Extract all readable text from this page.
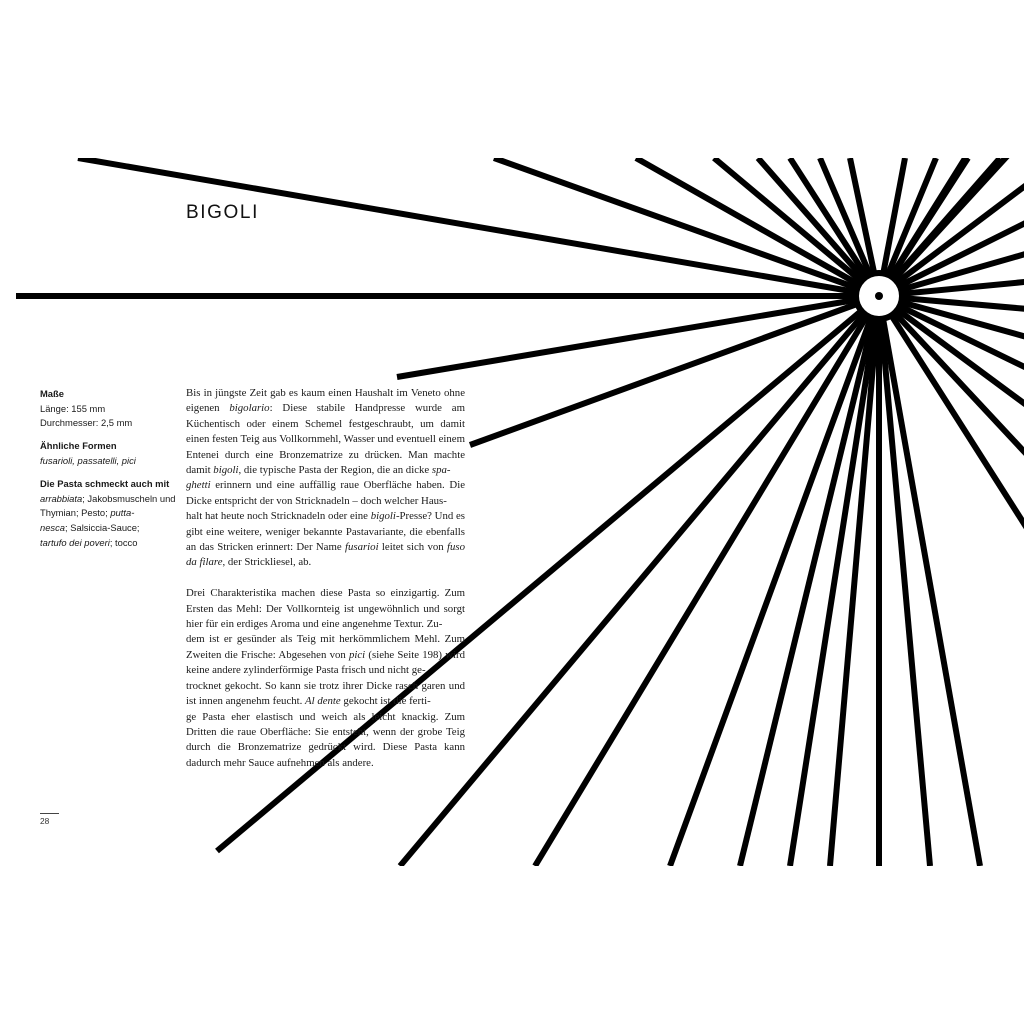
BIGOLI
Maße
Länge: 155 mm
Durchmesser: 2,5 mm
Ähnliche Formen
fusarioli, passatelli, pici
Die Pasta schmeckt auch mit
arrabbiata; Jakobsmuscheln und Thymian; Pesto; putta-
nesca; Salsiccia-Sauce;
tartufo dei poveri; tocco

Bis in jüngste Zeit gab es kaum einen Haushalt im Veneto ohne eigenen bigolario: Diese stabile Handpresse wurde am Küchentisch oder einem Schemel festgeschraubt, um damit einen festen Teig aus Vollkornmehl, Wasser und eventuell einem Entenei durch eine Bronzematrize zu drücken. Man machte damit bigoli, die typische Pasta der Region, die an dicke spa-
ghetti erinnern und eine auffällig raue Oberfläche haben. Die Dicke entspricht der von Stricknadeln – doch welcher Haus-
halt hat heute noch Stricknadeln oder eine bigoli-Presse? Und es gibt eine weitere, weniger bekannte Pastavariante, die ebenfalls an das Stricken erinnert: Der Name fusarioi leitet sich von fuso da filare, der Strickliesel, ab.

Drei Charakteristika machen diese Pasta so einzigartig. Zum Ersten das Mehl: Der Vollkornteig ist ungewöhnlich und sorgt hier für ein erdiges Aroma und eine angenehme Textur. Zu-
dem ist er gesünder als Teig mit herkömmlichem Mehl. Zum Zweiten die Frische: Abgesehen von pici (siehe Seite 198) wird keine andere zylinderförmige Pasta frisch und nicht ge-
trocknet gekocht. So kann sie trotz ihrer Dicke rasch garen und ist innen angenehm feucht. Al dente gekocht ist die ferti-
ge Pasta eher elastisch und weich als leicht knackig. Zum Dritten die raue Oberfläche: Sie entsteht, wenn der grobe Teig durch die Bronzematrize gedrückt wird. Diese Pasta kann dadurch mehr Sauce aufnehmen als andere.

28
